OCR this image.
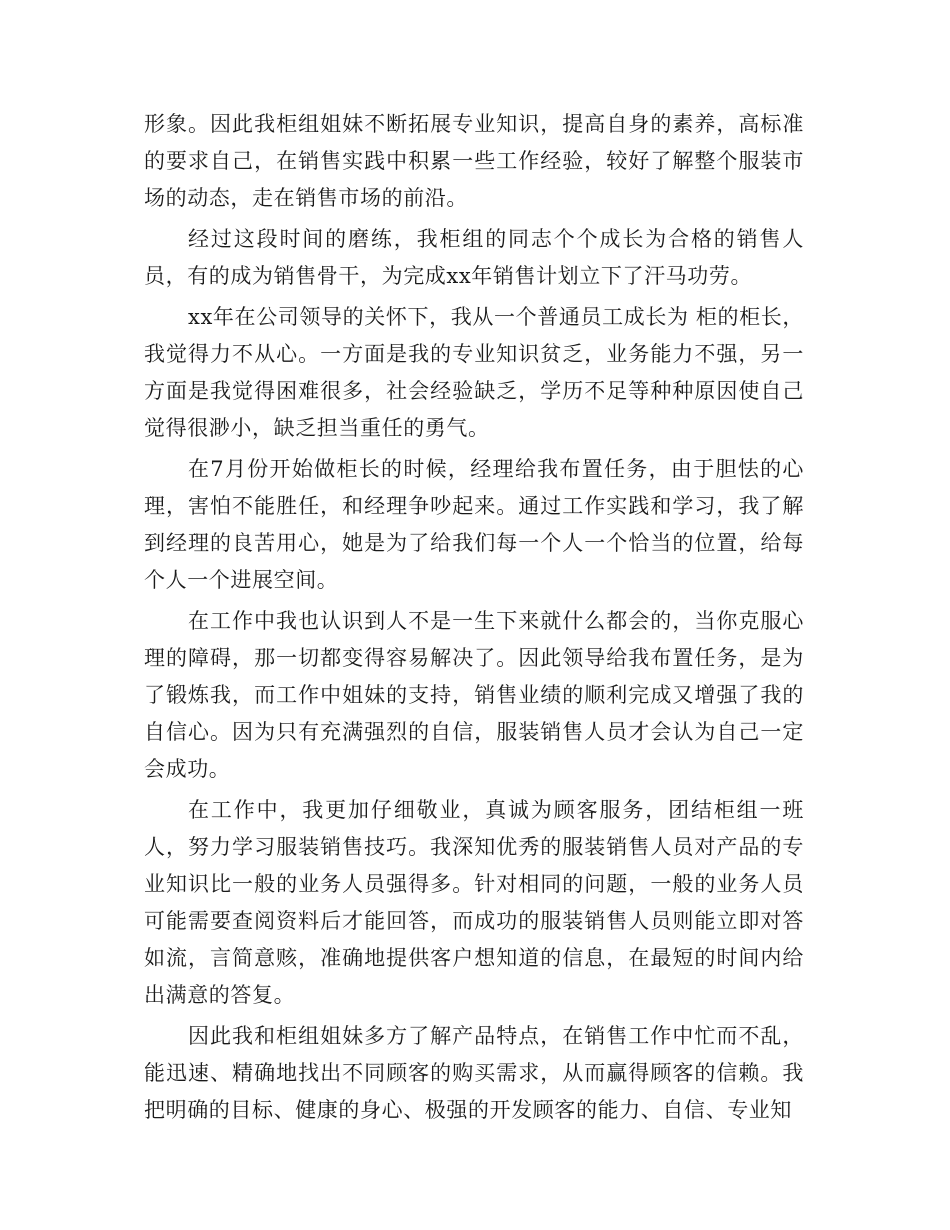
形象。因此我柜组姐妹不断拓展专业知识，提高自身的素养，高标准的要求自己，在销售实践中积累一些工作经验，较好了解整个服装市场的动态，走在销售市场的前沿。

经过这段时间的磨练，我柜组的同志个个成长为合格的销售人员，有的成为销售骨干，为完成xx年销售计划立下了汗马功劳。

xx年在公司领导的关怀下，我从一个普通员工成长为 柜的柜长，我觉得力不从心。一方面是我的专业知识贫乏，业务能力不强，另一方面是我觉得困难很多，社会经验缺乏，学历不足等种种原因使自己觉得很渺小，缺乏担当重任的勇气。

在7月份开始做柜长的时候，经理给我布置任务，由于胆怯的心理，害怕不能胜任，和经理争吵起来。通过工作实践和学习，我了解到经理的良苦用心，她是为了给我们每一个人一个恰当的位置，给每个人一个进展空间。

在工作中我也认识到人不是一生下来就什么都会的，当你克服心理的障碍，那一切都变得容易解决了。因此领导给我布置任务，是为了锻炼我，而工作中姐妹的支持，销售业绩的顺利完成又增强了我的自信心。因为只有充满强烈的自信，服装销售人员才会认为自己一定会成功。

在工作中，我更加仔细敬业，真诚为顾客服务，团结柜组一班人，努力学习服装销售技巧。我深知优秀的服装销售人员对产品的专业知识比一般的业务人员强得多。针对相同的问题，一般的业务人员可能需要查阅资料后才能回答，而成功的服装销售人员则能立即对答如流，言简意赅，准确地提供客户想知道的信息，在最短的时间内给出满意的答复。

因此我和柜组姐妹多方了解产品特点，在销售工作中忙而不乱，能迅速、精确地找出不同顾客的购买需求，从而赢得顾客的信赖。我把明确的目标、健康的身心、极强的开发顾客的能力、自信、专业知
